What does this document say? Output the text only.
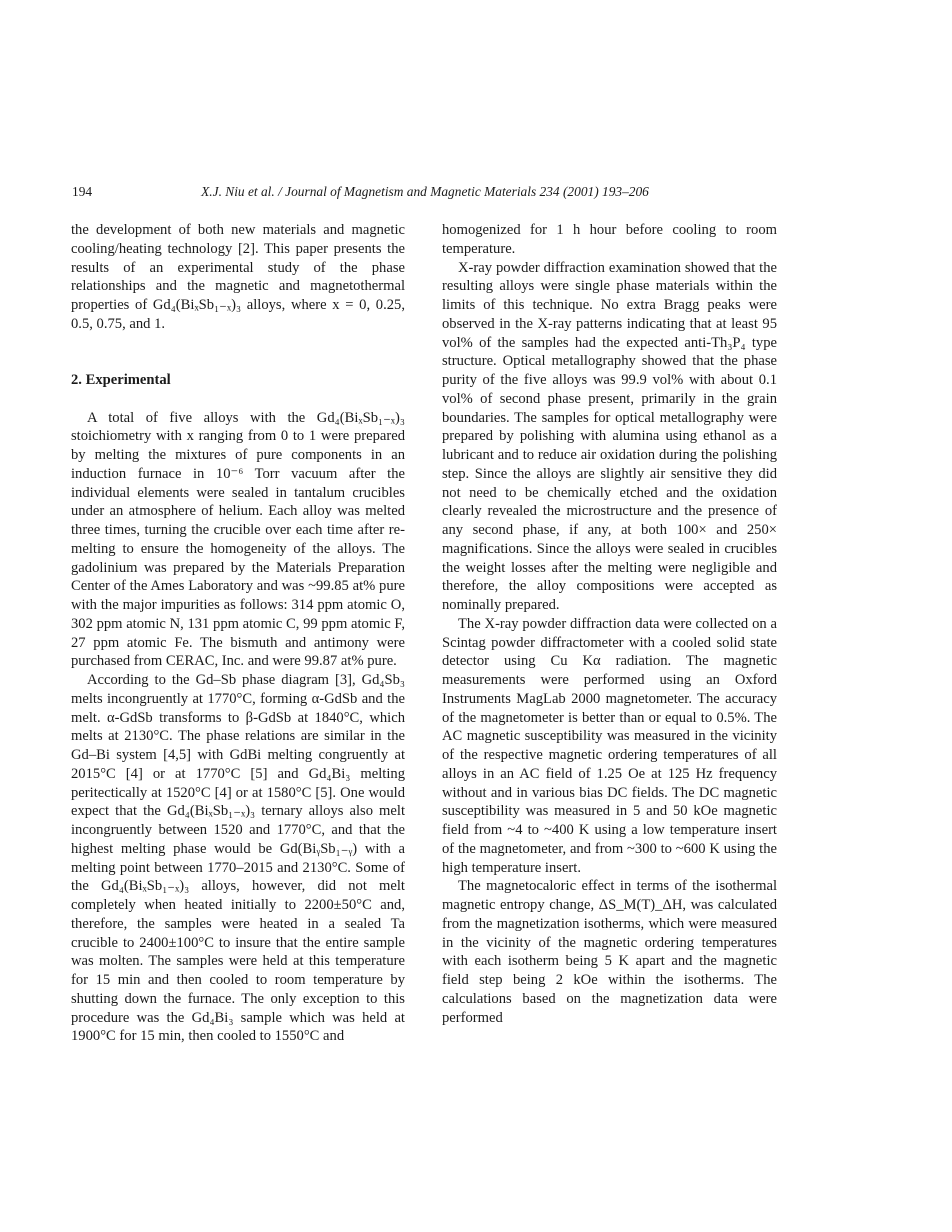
194	X.J. Niu et al. / Journal of Magnetism and Magnetic Materials 234 (2001) 193–206

the development of both new materials and magnetic cooling/heating technology [2]. This paper presents the results of an experimental study of the phase relationships and the magnetic and magnetothermal properties of Gd₄(BiₓSb₁₋ₓ)₃ alloys, where x = 0, 0.25, 0.5, 0.75, and 1.

2. Experimental

A total of five alloys with the Gd₄(BiₓSb₁₋ₓ)₃ stoichiometry with x ranging from 0 to 1 were prepared by melting the mixtures of pure components in an induction furnace in 10⁻⁶ Torr vacuum after the individual elements were sealed in tantalum crucibles under an atmosphere of helium. Each alloy was melted three times, turning the crucible over each time after re-melting to ensure the homogeneity of the alloys. The gadolinium was prepared by the Materials Preparation Center of the Ames Laboratory and was ~99.85 at% pure with the major impurities as follows: 314 ppm atomic O, 302 ppm atomic N, 131 ppm atomic C, 99 ppm atomic F, 27 ppm atomic Fe. The bismuth and antimony were purchased from CERAC, Inc. and were 99.87 at% pure.

According to the Gd–Sb phase diagram [3], Gd₄Sb₃ melts incongruently at 1770°C, forming α-GdSb and the melt. α-GdSb transforms to β-GdSb at 1840°C, which melts at 2130°C. The phase relations are similar in the Gd–Bi system [4,5] with GdBi melting congruently at 2015°C [4] or at 1770°C [5] and Gd₄Bi₃ melting peritectically at 1520°C [4] or at 1580°C [5]. One would expect that the Gd₄(BiₓSb₁₋ₓ)₃ ternary alloys also melt incongruently between 1520 and 1770°C, and that the highest melting phase would be Gd(BiᵧSb₁₋ᵧ) with a melting point between 1770–2015 and 2130°C. Some of the Gd₄(BiₓSb₁₋ₓ)₃ alloys, however, did not melt completely when heated initially to 2200±50°C and, therefore, the samples were heated in a sealed Ta crucible to 2400±100°C to insure that the entire sample was molten. The samples were held at this temperature for 15 min and then cooled to room temperature by shutting down the furnace. The only exception to this procedure was the Gd₄Bi₃ sample which was held at 1900°C for 15 min, then cooled to 1550°C and

homogenized for 1 h hour before cooling to room temperature.

X-ray powder diffraction examination showed that the resulting alloys were single phase materials within the limits of this technique. No extra Bragg peaks were observed in the X-ray patterns indicating that at least 95 vol% of the samples had the expected anti-Th₃P₄ type structure. Optical metallography showed that the phase purity of the five alloys was 99.9 vol% with about 0.1 vol% of second phase present, primarily in the grain boundaries. The samples for optical metallography were prepared by polishing with alumina using ethanol as a lubricant and to reduce air oxidation during the polishing step. Since the alloys are slightly air sensitive they did not need to be chemically etched and the oxidation clearly revealed the microstructure and the presence of any second phase, if any, at both 100× and 250× magnifications. Since the alloys were sealed in crucibles the weight losses after the melting were negligible and therefore, the alloy compositions were accepted as nominally prepared.

The X-ray powder diffraction data were collected on a Scintag powder diffractometer with a cooled solid state detector using Cu Kα radiation. The magnetic measurements were performed using an Oxford Instruments MagLab 2000 magnetometer. The accuracy of the magnetometer is better than or equal to 0.5%. The AC magnetic susceptibility was measured in the vicinity of the respective magnetic ordering temperatures of all alloys in an AC field of 1.25 Oe at 125 Hz frequency without and in various bias DC fields. The DC magnetic susceptibility was measured in 5 and 50 kOe magnetic field from ~4 to ~400 K using a low temperature insert of the magnetometer, and from ~300 to ~600 K using the high temperature insert.

The magnetocaloric effect in terms of the isothermal magnetic entropy change, ΔS_M(T)_ΔH, was calculated from the magnetization isotherms, which were measured in the vicinity of the magnetic ordering temperatures with each isotherm being 5 K apart and the magnetic field step being 2 kOe within the isotherms. The calculations based on the magnetization data were performed
